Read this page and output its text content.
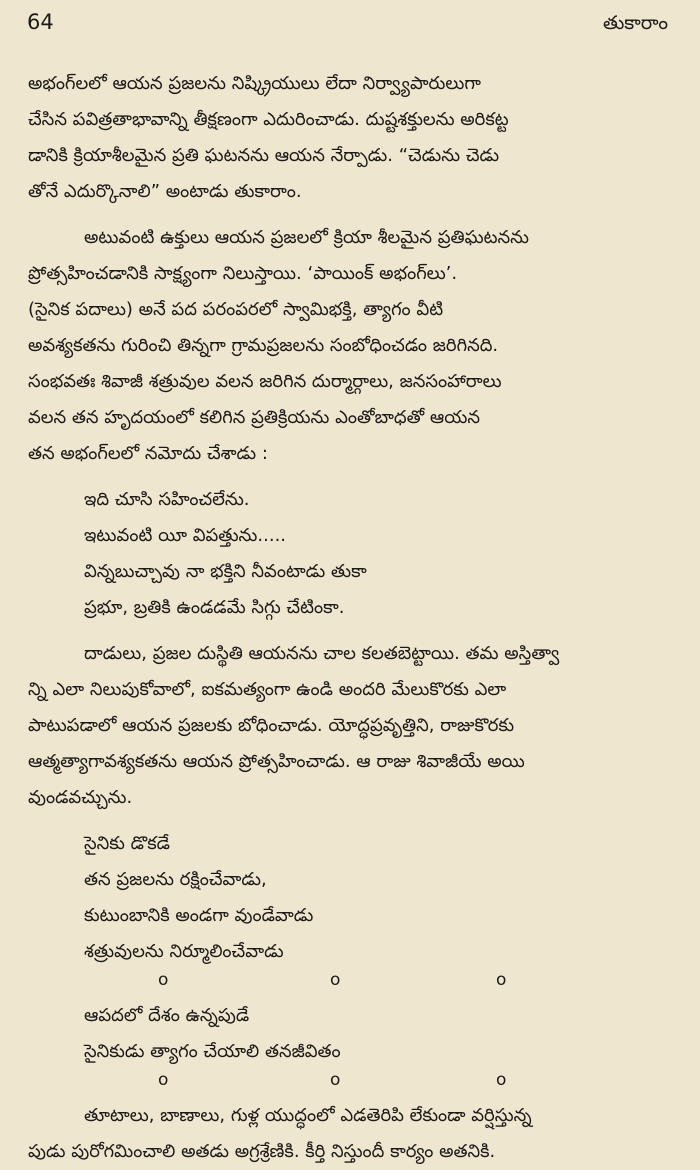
64	తుకారాం

అభంగ్‌లలో ఆయన ప్రజలను నిష్క్రియులు లేదా నిర్వ్యాపారులుగా
చేసిన పవిత్రతాభావాన్ని తీక్షణంగా ఎదురించాడు. దుష్టశక్తులను అరికట్ట
డానికి క్రియాశీలమైన ప్రతి ఘటనను ఆయన నేర్పాడు. “చెడును చెడు
తోనే ఎదుర్కొనాలి” అంటాడు తుకారాం.

అటువంటి ఉక్తులు ఆయన ప్రజలలో క్రియా శీలమైన ప్రతిఘటనను
ప్రోత్సహించడానికి సాక్ష్యంగా నిలుస్తాయి. ‘పాయింక్ అభంగ్‌లు’.
(సైనిక పదాలు) అనే పద పరంపరలో స్వామిభక్తి, త్యాగం వీటి
అవశ్యకతను గురించి తిన్నగా గ్రామప్రజలను సంబోధించడం జరిగినది.
సంభవతః శివాజీ శత్రువుల వలన జరిగిన దుర్మార్గాలు, జనసంహారాలు
వలన తన హృదయంలో కలిగిన ప్రతిక్రియను ఎంతోబాధతో ఆయన
తన అభంగ్‌లలో నమోదు చేశాడు :

ఇది చూసి సహించలేను.
ఇటువంటి యీ విపత్తును.....
విన్నబుచ్చావు నా భక్తిని నీవంటాడు తుకా
ప్రభూ, బ్రతికి ఉండడమే సిగ్గు చేటింకా.

దాడులు, ప్రజల దుస్థితి ఆయనను చాల కలతబెట్టాయి. తమ అస్తిత్వా
న్ని ఎలా నిలుపుకోవాలో, ఐకమత్యంగా ఉండి అందరి మేలుకొరకు ఎలా
పాటుపడాలో ఆయన ప్రజలకు బోధించాడు. యోద్ధప్రవృత్తిని, రాజుకొరకు
ఆత్మత్యాగావశ్యకతను ఆయన ప్రోత్సహించాడు. ఆ రాజు శివాజీయే అయి
వుండవచ్చును.

సైనికు డొకడే
తన ప్రజలను రక్షించేవాడు,
కుటుంబానికి అండగా వుండేవాడు
శత్రువులను నిర్మూలించేవాడు
o	o	o
ఆపదలో దేశం ఉన్నపుడే
సైనికుడు త్యాగం చేయాలి తనజీవితం
o	o	o

తూటాలు, బాణాలు, గుళ్ల యుద్ధంలో ఎడతెరిపి లేకుండా వర్షిస్తున్న
పుడు పురోగమించాలి అతడు అగ్రశ్రేణికి. కీర్తి నిస్తుందీ కార్యం అతనికి.
